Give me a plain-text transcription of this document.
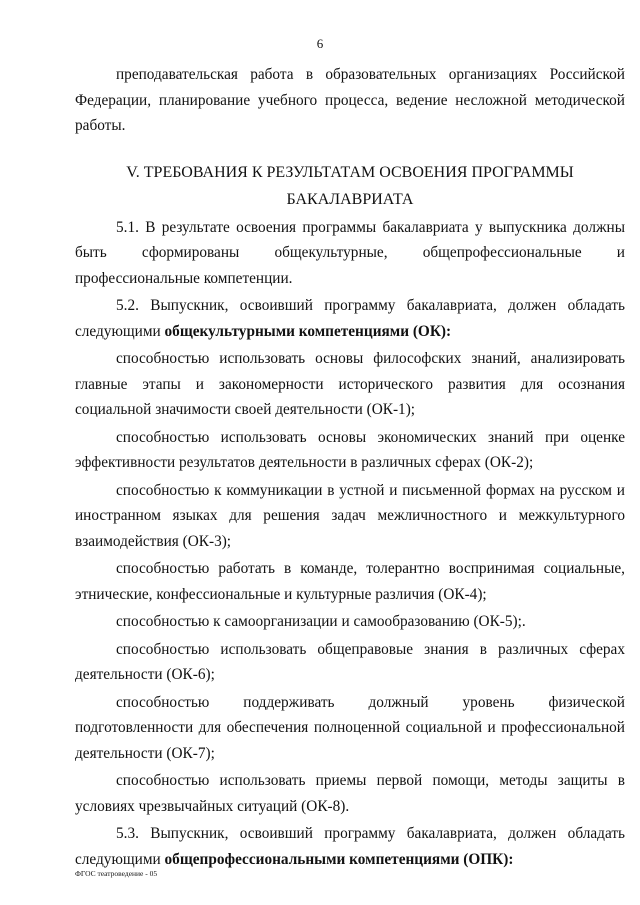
6

преподавательская работа в образовательных организациях Российской Федерации, планирование учебного процесса, ведение несложной методической работы.

V. ТРЕБОВАНИЯ К РЕЗУЛЬТАТАМ ОСВОЕНИЯ ПРОГРАММЫ
БАКАЛАВРИАТА

5.1. В результате освоения программы бакалавриата у выпускника должны быть сформированы общекультурные, общепрофессиональные и профессиональные компетенции.

5.2. Выпускник, освоивший программу бакалавриата, должен обладать следующими общекультурными компетенциями (ОК):

способностью использовать основы философских знаний, анализировать главные этапы и закономерности исторического развития для осознания социальной значимости своей деятельности (ОК-1);

способностью использовать основы экономических знаний при оценке эффективности результатов деятельности в различных сферах (ОК-2);

способностью к коммуникации в устной и письменной формах на русском и иностранном языках для решения задач межличностного и межкультурного взаимодействия (ОК-3);

способностью работать в команде, толерантно воспринимая социальные, этнические, конфессиональные и культурные различия (ОК-4);

способностью к самоорганизации и самообразованию (ОК-5);.

способностью использовать общеправовые знания в различных сферах деятельности (ОК-6);

способностью поддерживать должный уровень физической подготовленности для обеспечения полноценной социальной и профессиональной деятельности (ОК-7);

способностью использовать приемы первой помощи, методы защиты в условиях чрезвычайных ситуаций (ОК-8).

5.3. Выпускник, освоивший программу бакалавриата, должен обладать следующими общепрофессиональными компетенциями (ОПК):

ФГОС театроведение - 05
